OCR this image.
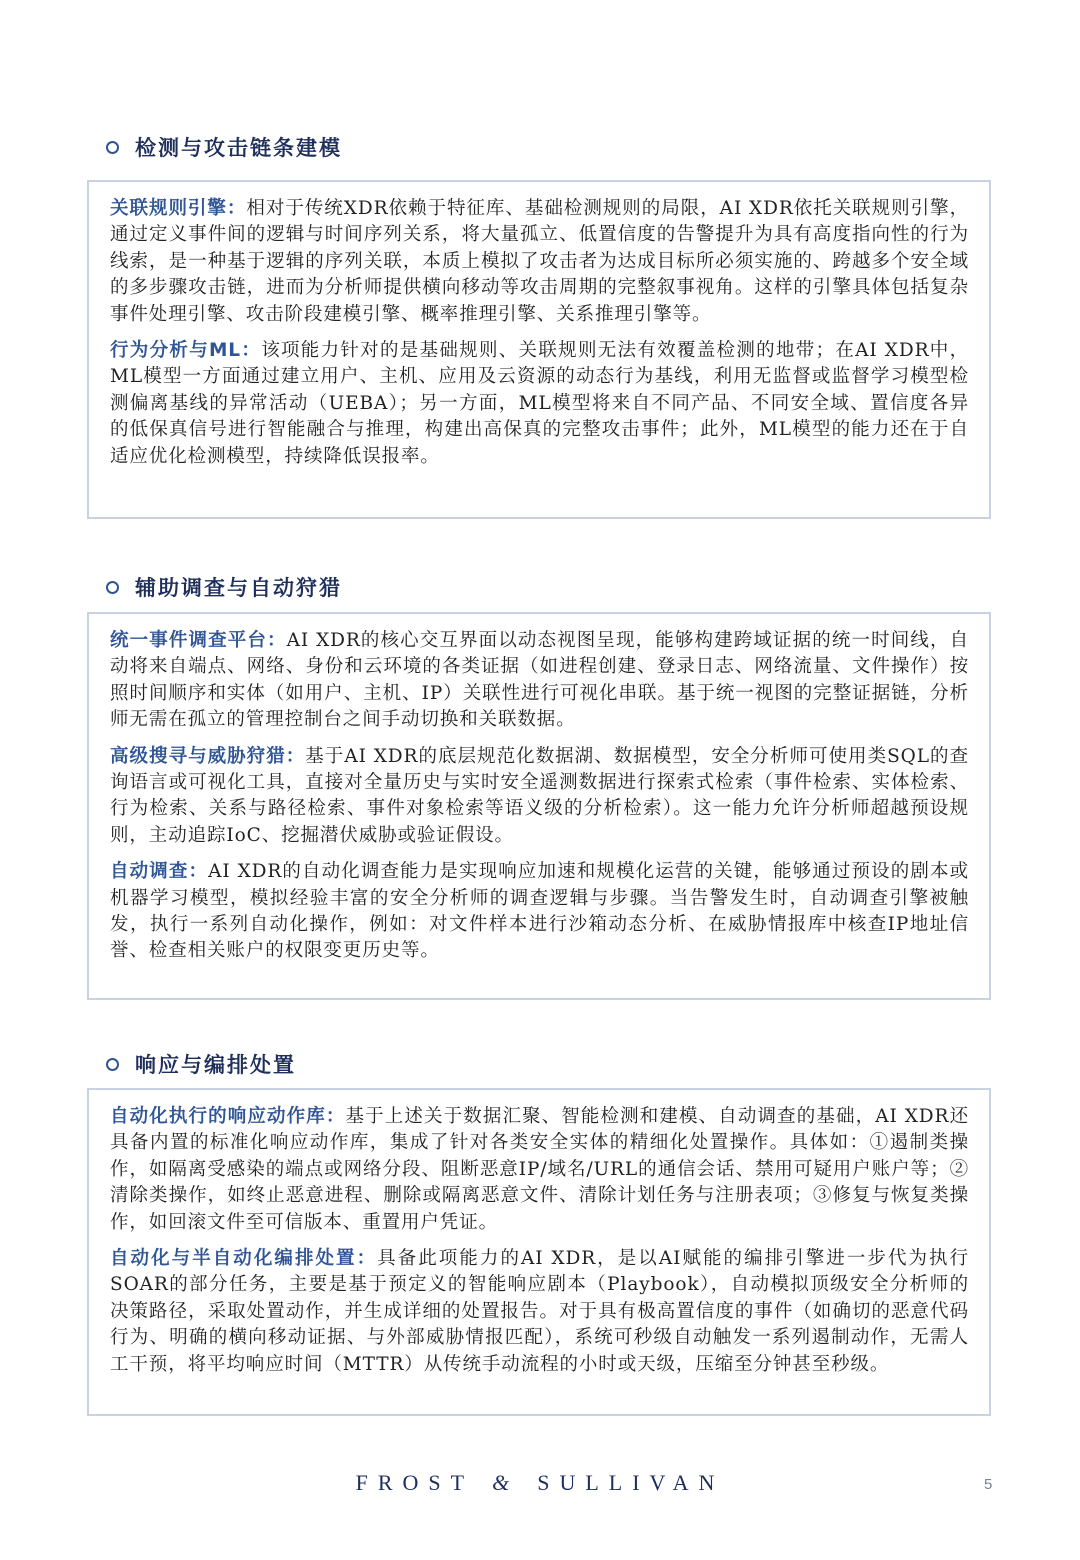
检测与攻击链条建模

关联规则引擎：相对于传统XDR依赖于特征库、基础检测规则的局限，AI XDR依托关联规则引擎，通过定义事件间的逻辑与时间序列关系，将大量孤立、低置信度的告警提升为具有高度指向性的行为线索，是一种基于逻辑的序列关联，本质上模拟了攻击者为达成目标所必须实施的、跨越多个安全域的多步骤攻击链，进而为分析师提供横向移动等攻击周期的完整叙事视角。这样的引擎具体包括复杂事件处理引擎、攻击阶段建模引擎、概率推理引擎、关系推理引擎等。

行为分析与ML：该项能力针对的是基础规则、关联规则无法有效覆盖检测的地带；在AI XDR中，ML模型一方面通过建立用户、主机、应用及云资源的动态行为基线，利用无监督或监督学习模型检测偏离基线的异常活动（UEBA）；另一方面，ML模型将来自不同产品、不同安全域、置信度各异的低保真信号进行智能融合与推理，构建出高保真的完整攻击事件；此外，ML模型的能力还在于自适应优化检测模型，持续降低误报率。

辅助调查与自动狩猎

统一事件调查平台：AI XDR的核心交互界面以动态视图呈现，能够构建跨域证据的统一时间线，自动将来自端点、网络、身份和云环境的各类证据（如进程创建、登录日志、网络流量、文件操作）按照时间顺序和实体（如用户、主机、IP）关联性进行可视化串联。基于统一视图的完整证据链，分析师无需在孤立的管理控制台之间手动切换和关联数据。

高级搜寻与威胁狩猎：基于AI XDR的底层规范化数据湖、数据模型，安全分析师可使用类SQL的查询语言或可视化工具，直接对全量历史与实时安全遥测数据进行探索式检索（事件检索、实体检索、行为检索、关系与路径检索、事件对象检索等语义级的分析检索）。这一能力允许分析师超越预设规则，主动追踪IoC、挖掘潜伏威胁或验证假设。

自动调查：AI XDR的自动化调查能力是实现响应加速和规模化运营的关键，能够通过预设的剧本或机器学习模型，模拟经验丰富的安全分析师的调查逻辑与步骤。当告警发生时，自动调查引擎被触发，执行一系列自动化操作，例如：对文件样本进行沙箱动态分析、在威胁情报库中核查IP地址信誉、检查相关账户的权限变更历史等。

响应与编排处置

自动化执行的响应动作库：基于上述关于数据汇聚、智能检测和建模、自动调查的基础，AI XDR还具备内置的标准化响应动作库，集成了针对各类安全实体的精细化处置操作。具体如：①遏制类操作，如隔离受感染的端点或网络分段、阻断恶意IP/域名/URL的通信会话、禁用可疑用户账户等；②清除类操作，如终止恶意进程、删除或隔离恶意文件、清除计划任务与注册表项；③修复与恢复类操作，如回滚文件至可信版本、重置用户凭证。

自动化与半自动化编排处置：具备此项能力的AI XDR，是以AI赋能的编排引擎进一步代为执行SOAR的部分任务，主要是基于预定义的智能响应剧本（Playbook），自动模拟顶级安全分析师的决策路径，采取处置动作，并生成详细的处置报告。对于具有极高置信度的事件（如确切的恶意代码行为、明确的横向移动证据、与外部威胁情报匹配），系统可秒级自动触发一系列遏制动作，无需人工干预，将平均响应时间（MTTR）从传统手动流程的小时或天级，压缩至分钟甚至秒级。

FROST & SULLIVAN	5
